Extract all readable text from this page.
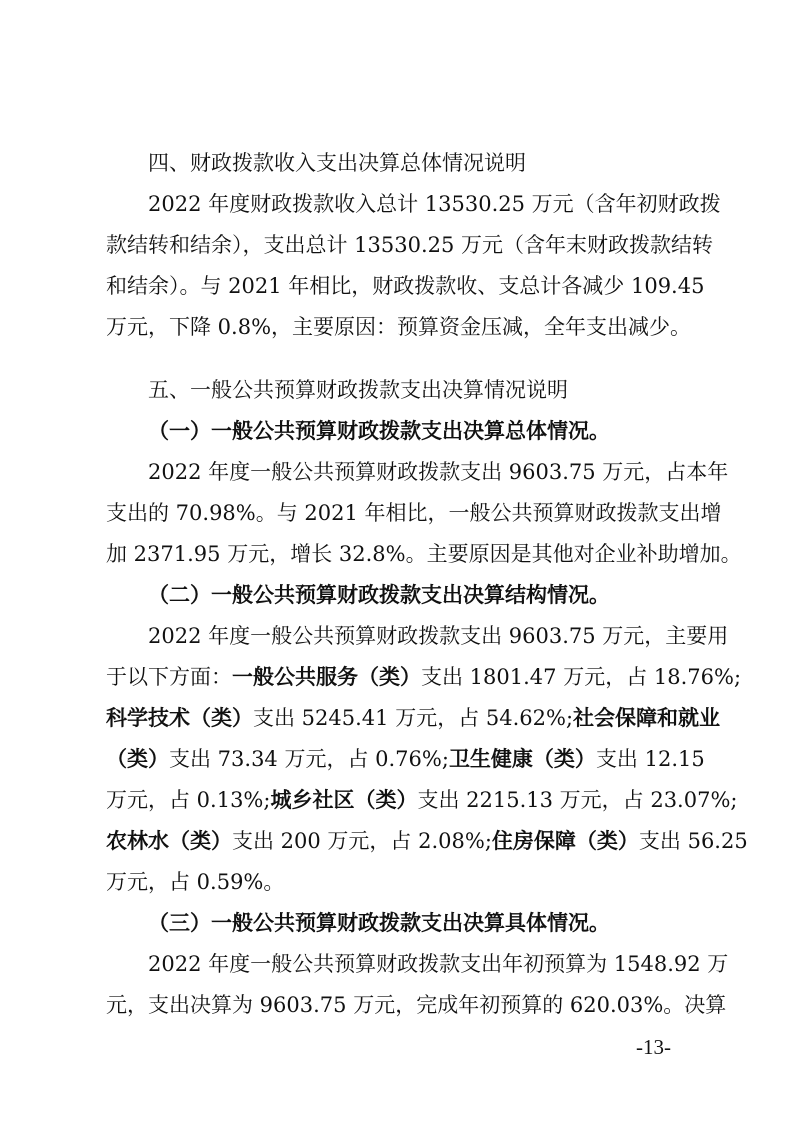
四、财政拨款收入支出决算总体情况说明
2022 年度财政拨款收入总计 13530.25 万元（含年初财政拨
款结转和结余），支出总计 13530.25 万元（含年末财政拨款结转
和结余）。与 2021 年相比，财政拨款收、支总计各减少 109.45
万元，下降 0.8%，主要原因：预算资金压减，全年支出减少。
五、一般公共预算财政拨款支出决算情况说明
（一）一般公共预算财政拨款支出决算总体情况。
2022 年度一般公共预算财政拨款支出 9603.75 万元，占本年
支出的 70.98%。与 2021 年相比，一般公共预算财政拨款支出增
加 2371.95 万元，增长 32.8%。主要原因是其他对企业补助增加。
（二）一般公共预算财政拨款支出决算结构情况。
2022 年度一般公共预算财政拨款支出 9603.75 万元，主要用
于以下方面：一般公共服务（类）支出 1801.47 万元，占 18.76%;
科学技术（类）支出 5245.41 万元，占 54.62%;社会保障和就业
（类）支出 73.34 万元，占 0.76%;卫生健康（类）支出 12.15
万元，占 0.13%;城乡社区（类）支出 2215.13 万元，占 23.07%;
农林水（类）支出 200 万元，占 2.08%;住房保障（类）支出 56.25
万元，占 0.59%。
（三）一般公共预算财政拨款支出决算具体情况。
2022 年度一般公共预算财政拨款支出年初预算为 1548.92 万
元，支出决算为 9603.75 万元，完成年初预算的 620.03%。决算
-13-
